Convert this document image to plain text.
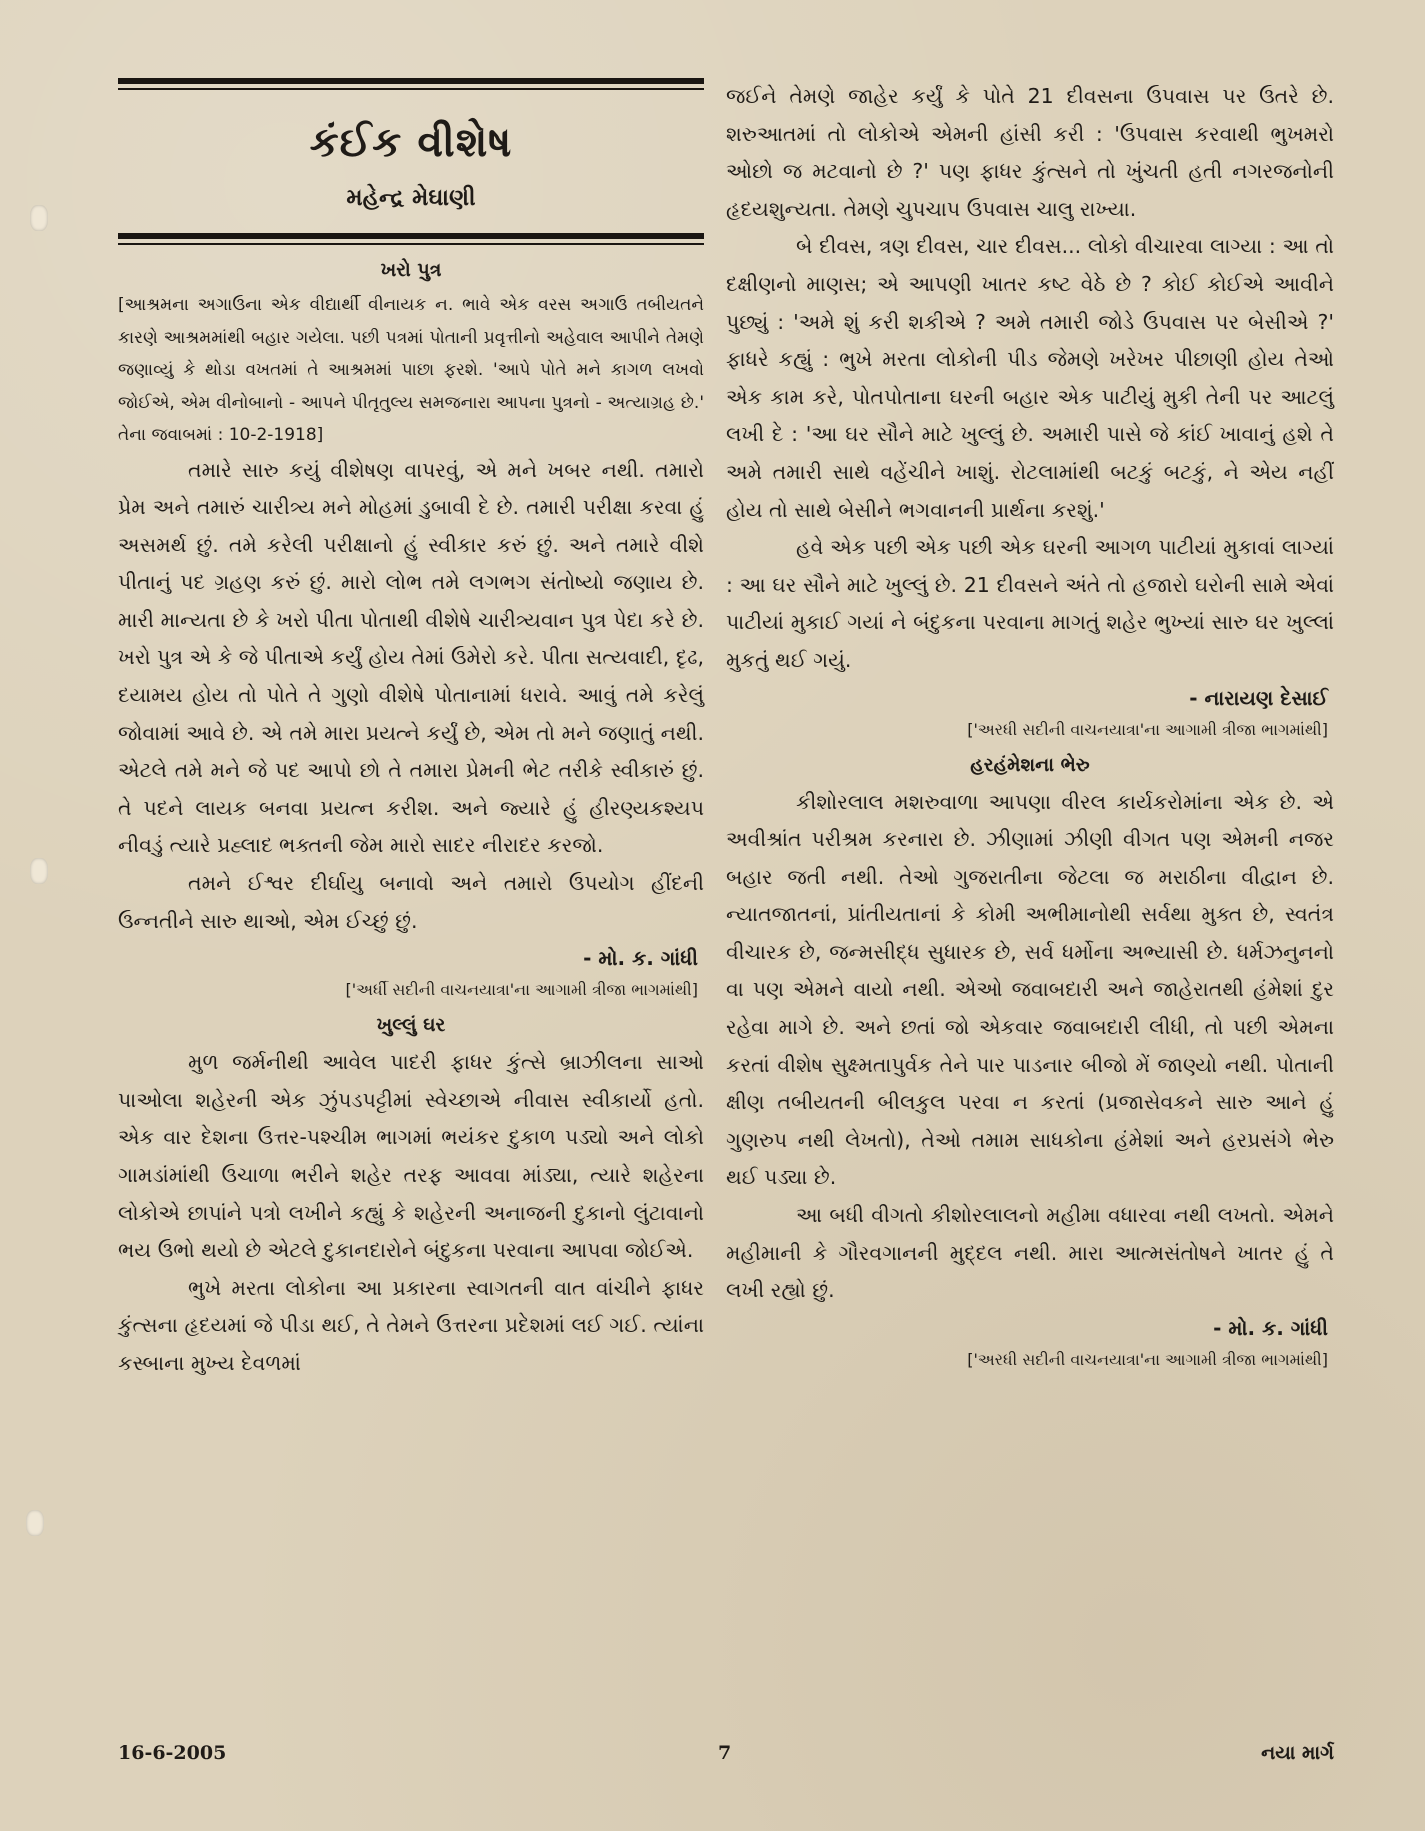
કંઈક વીશેષ
મહેન્દ્ર મેઘાણી
ખરો પુત્ર

[આશ્રમના અગાઉના એક વીદ્યાર્થી વીનાયક ન. ભાવે એક વરસ અગાઉ તબીયતને કારણે આશ્રમમાંથી બહાર ગયેલા. પછી પત્રમાં પોતાની પ્રવૃત્તીનો અહેવાલ આપીને તેમણે જણાવ્યું કે થોડા વખતમાં તે આશ્રમમાં પાછા ફરશે. 'આપે પોતે મને કાગળ લખવો જોઈએ, એમ વીનોબાનો - આપને પીતૃતુલ્ય સમજનારા આપના પુત્રનો - અત્યાગ્રહ છે.' તેના જવાબમાં : 10-2-1918]

તમારે સારુ કયું વીશેષણ વાપરવું, એ મને ખબર નથી. તમારો પ્રેમ અને તમારું ચારીત્ર્ય મને મોહમાં ડુબાવી દે છે. તમારી પરીક્ષા કરવા હું અસમર્થ છું. તમે કરેલી પરીક્ષાનો હું સ્વીકાર કરું છું. અને તમારે વીશે પીતાનું પદ ગ્રહણ કરું છું. મારો લોભ તમે લગભગ સંતોષ્યો જણાય છે. મારી માન્યતા છે કે ખરો પીતા પોતાથી વીશેષે ચારીત્ર્યવાન પુત્ર પેદા કરે છે. ખરો પુત્ર એ કે જે પીતાએ કર્યું હોય તેમાં ઉમેરો કરે. પીતા સત્યવાદી, દૃઢ, દયામય હોય તો પોતે તે ગુણો વીશેષે પોતાનામાં ધરાવે. આવું તમે કરેલું જોવામાં આવે છે. એ તમે મારા પ્રયત્ને કર્યું છે, એમ તો મને જણાતું નથી. એટલે તમે મને જે પદ આપો છો તે તમારા પ્રેમની ભેટ તરીકે સ્વીકારું છું. તે પદને લાયક બનવા પ્રયત્ન કરીશ. અને જ્યારે હું હીરણ્યકશ્યપ નીવડું ત્યારે પ્રહ્લાદ ભક્તની જેમ મારો સાદર નીરાદર કરજો.

તમને ઈશ્વર દીર્ઘાયુ બનાવો અને તમારો ઉપયોગ હીંદની ઉન્નતીને સારુ થાઓ, એમ ઈચ્છું છું.

- મો. ક. ગાંધી
['અર્ધી સદીની વાચનયાત્રા'ના આગામી ત્રીજા ભાગમાંથી]
ખુલ્લું ઘર

મુળ જર્મનીથી આવેલ પાદરી ફાધર કુંત્સે બ્રાઝીલના સાઓ પાઓલા શહેરની એક ઝુંપડપટ્ટીમાં સ્વેચ્છાએ નીવાસ સ્વીકાર્યો હતો. એક વાર દેશના ઉત્તર-પશ્ચીમ ભાગમાં ભયંકર દુકાળ પડ્યો અને લોકો ગામડાંમાંથી ઉચાળા ભરીને શહેર તરફ આવવા માંડ્યા, ત્યારે શહેરના લોકોએ છાપાંને પત્રો લખીને કહ્યું કે શહેરની અનાજની દુકાનો લુંટાવાનો ભય ઉભો થયો છે એટલે દુકાનદારોને બંદુકના પરવાના આપવા જોઈએ.

ભુખે મરતા લોકોના આ પ્રકારના સ્વાગતની વાત વાંચીને ફાધર કુંત્સના હૃદયમાં જે પીડા થઈ, તે તેમને ઉત્તરના પ્રદેશમાં લઈ ગઈ. ત્યાંના કસ્બાના મુખ્ય દેવળમાં

જઈને તેમણે જાહેર કર્યું કે પોતે 21 દીવસના ઉપવાસ પર ઉતરે છે. શરુઆતમાં તો લોકોએ એમની હાંસી કરી : 'ઉપવાસ કરવાથી ભુખમરો ઓછો જ મટવાનો છે ?' પણ ફાધર કુંત્સને તો ખુંચતી હતી નગરજનોની હૃદયશુન્યતા. તેમણે ચુપચાપ ઉપવાસ ચાલુ રાખ્યા.

બે દીવસ, ત્રણ દીવસ, ચાર દીવસ... લોકો વીચારવા લાગ્યા : આ તો દક્ષીણનો માણસ; એ આપણી ખાતર કષ્ટ વેઠે છે ? કોઈ કોઈએ આવીને પુછ્યું : 'અમે શું કરી શકીએ ? અમે તમારી જોડે ઉપવાસ પર બેસીએ ?' ફાધરે કહ્યું : ભુખે મરતા લોકોની પીડ જેમણે ખરેખર પીછાણી હોય તેઓ એક કામ કરે, પોતપોતાના ઘરની બહાર એક પાટીયું મુકી તેની પર આટલું લખી દે : 'આ ઘર સૌને માટે ખુલ્લું છે. અમારી પાસે જે કાંઈ ખાવાનું હશે તે અમે તમારી સાથે વહેંચીને ખાશું. રોટલામાંથી બટકું બટકું, ને એય નહીં હોય તો સાથે બેસીને ભગવાનની પ્રાર્થના કરશું.'

હવે એક પછી એક પછી એક ઘરની આગળ પાટીયાં મુકાવાં લાગ્યાં : આ ઘર સૌને માટે ખુલ્લું છે. 21 દીવસને અંતે તો હજારો ઘરોની સામે એવાં પાટીયાં મુકાઈ ગયાં ને બંદુકના પરવાના માગતું શહેર ભુખ્યાં સારુ ઘર ખુલ્લાં મુકતું થઈ ગયું.

- નારાયણ દેસાઈ
['અરધી સદીની વાચનયાત્રા'ના આગામી ત્રીજા ભાગમાંથી]
હરહંમેશના ભેરુ

કીશોરલાલ મશરુવાળા આપણા વીરલ કાર્યકરોમાંના એક છે. એ અવીશ્રાંત પરીશ્રમ કરનારા છે. ઝીણામાં ઝીણી વીગત પણ એમની નજર બહાર જતી નથી. તેઓ ગુજરાતીના જેટલા જ મરાઠીના વીદ્વાન છે. ન્યાતજાતનાં, પ્રાંતીયતાનાં કે કોમી અભીમાનોથી સર્વથા મુક્ત છે, સ્વતંત્ર વીચારક છે, જન્મસીદ્ધ સુધારક છે, સર્વ ધર્મોના અભ્યાસી છે. ધર્મઝનુનનો વા પણ એમને વાયો નથી. એઓ જવાબદારી અને જાહેરાતથી હંમેશાં દુર રહેવા માગે છે. અને છતાં જો એકવાર જવાબદારી લીધી, તો પછી એમના કરતાં વીશેષ સુક્ષ્મતાપુર્વક તેને પાર પાડનાર બીજો મેં જાણ્યો નથી. પોતાની ક્ષીણ તબીયતની બીલકુલ પરવા ન કરતાં (પ્રજાસેવકને સારુ આને હું ગુણરુપ નથી લેખતો), તેઓ તમામ સાધકોના હંમેશાં અને હરપ્રસંગે ભેરુ થઈ પડ્યા છે.

આ બધી વીગતો કીશોરલાલનો મહીમા વધારવા નથી લખતો. એમને મહીમાની કે ગૌરવગાનની મુદ્દલ નથી. મારા આત્મસંતોષને ખાતર હું તે લખી રહ્યો છું.

- મો. ક. ગાંધી
['અરધી સદીની વાચનયાત્રા'ના આગામી ત્રીજા ભાગમાંથી]
16-6-2005	7	નયા માર્ગ
